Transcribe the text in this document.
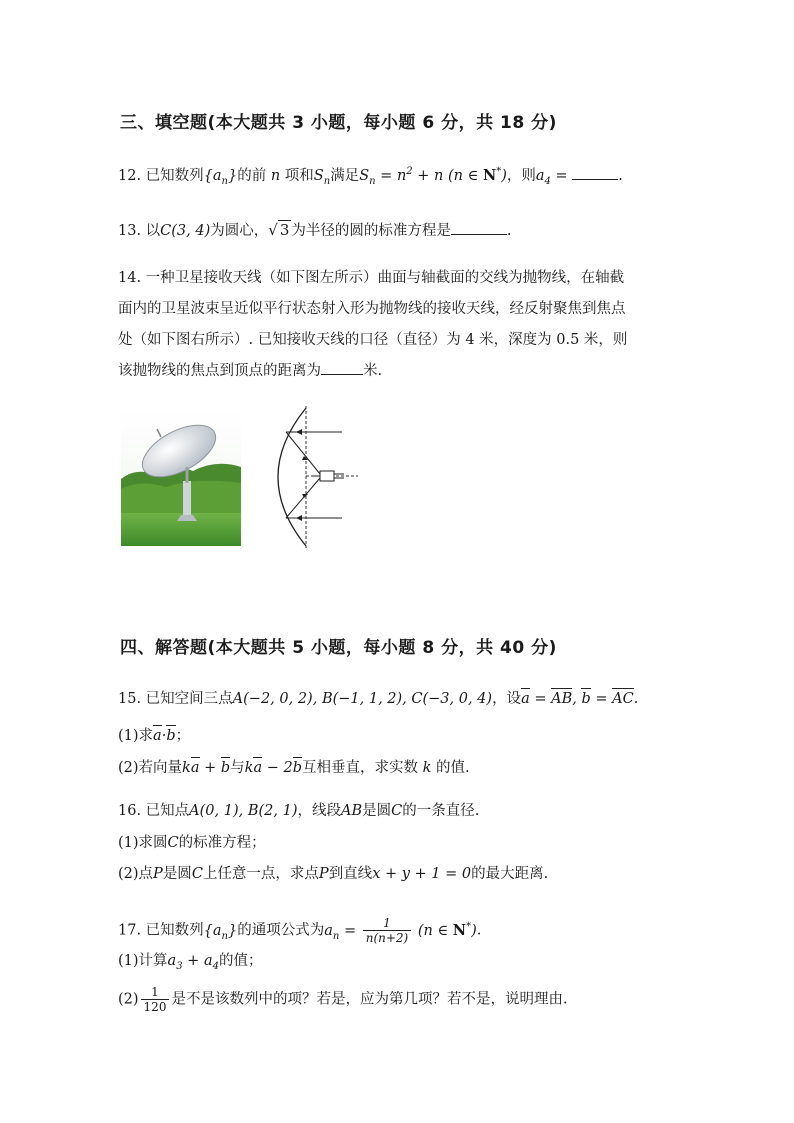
三、填空题(本大题共 3 小题，每小题 6 分，共 18 分)
12. 已知数列$\{a_n\}$的前 n 项和$S_n$满足$S_n = n^2 + n$ (n ∈ N*)，则$a_4$ =	.
13. 以C(3, 4)为圆心，√ 3 为半径的圆的标准方程是	.
14. 一种卫星接收天线（如下图左所示）曲面与轴截面的交线为抛物线，在轴截
面内的卫星波束呈近似平行状态射入形为抛物线的接收天线，经反射聚焦到焦点
处（如下图右所示）. 已知接收天线的口径（直径）为 4 米，深度为 0.5 米，则
该抛物线的焦点到顶点的距离为	米.
四、解答题(本大题共 5 小题，每小题 8 分，共 40 分)
15. 已知空间三点A(−2, 0, 2), B(−1, 1, 2), C(−3, 0, 4)，设a = AB, b = AC.
(1)求a·b；
(2)若向量ka + b与ka − 2b互相垂直，求实数 k 的值.
16. 已知点A(0, 1), B(2, 1)，线段AB是圆C的一条直径.
(1)求圆C的标准方程；
(2)点P是圆C上任意一点，求点P到直线x + y + 1 = 0的最大距离.
17. 已知数列$\{a_n\}$的通项公式为$a_n = \frac{1}{n(n+2)} (n$ ∈ N*).
(1)计算$a_3 + a_4$的值；
$(2) \frac{1}{120}$ 是不是该数列中的项？若是，应为第几项？若不是，说明理由.
